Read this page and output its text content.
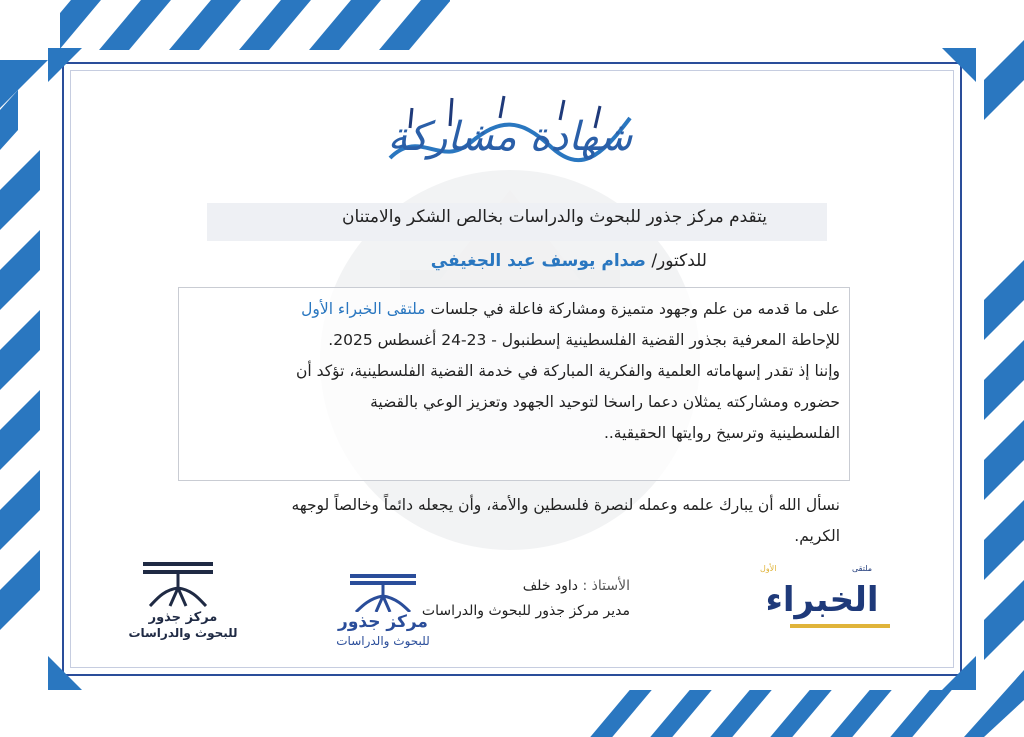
شهادة مشاركة
يتقدم مركز جذور للبحوث والدراسات بخالص الشكر والامتنان
للدكتور/ صدام يوسف عبد الجغيفي
على ما قدمه من علم وجهود متميزة ومشاركة فاعلة في جلسات ملتقى الخبراء الأول
للإحاطة المعرفية بجذور القضية الفلسطينية إسطنبول - 23-24 أغسطس 2025.
وإننا إذ تقدر إسهاماته العلمية والفكرية المباركة في خدمة القضية الفلسطينية، تؤكد أن
حضوره ومشاركته يمثلان دعما راسخا لتوحيد الجهود وتعزيز الوعي بالقضية
الفلسطينية وترسيخ روايتها الحقيقية..
نسأل الله أن يبارك علمه وعمله لنصرة فلسطين والأمة، وأن يجعله دائماً وخالصاً لوجهه
الكريم.
الأستاذ : داود خلف
مدير مركز جذور للبحوث والدراسات
مركز جذور
للبحوث والدراسات
مركز جذور
للبحوث والدراسات
ملتقى
الأول
الخبراء
